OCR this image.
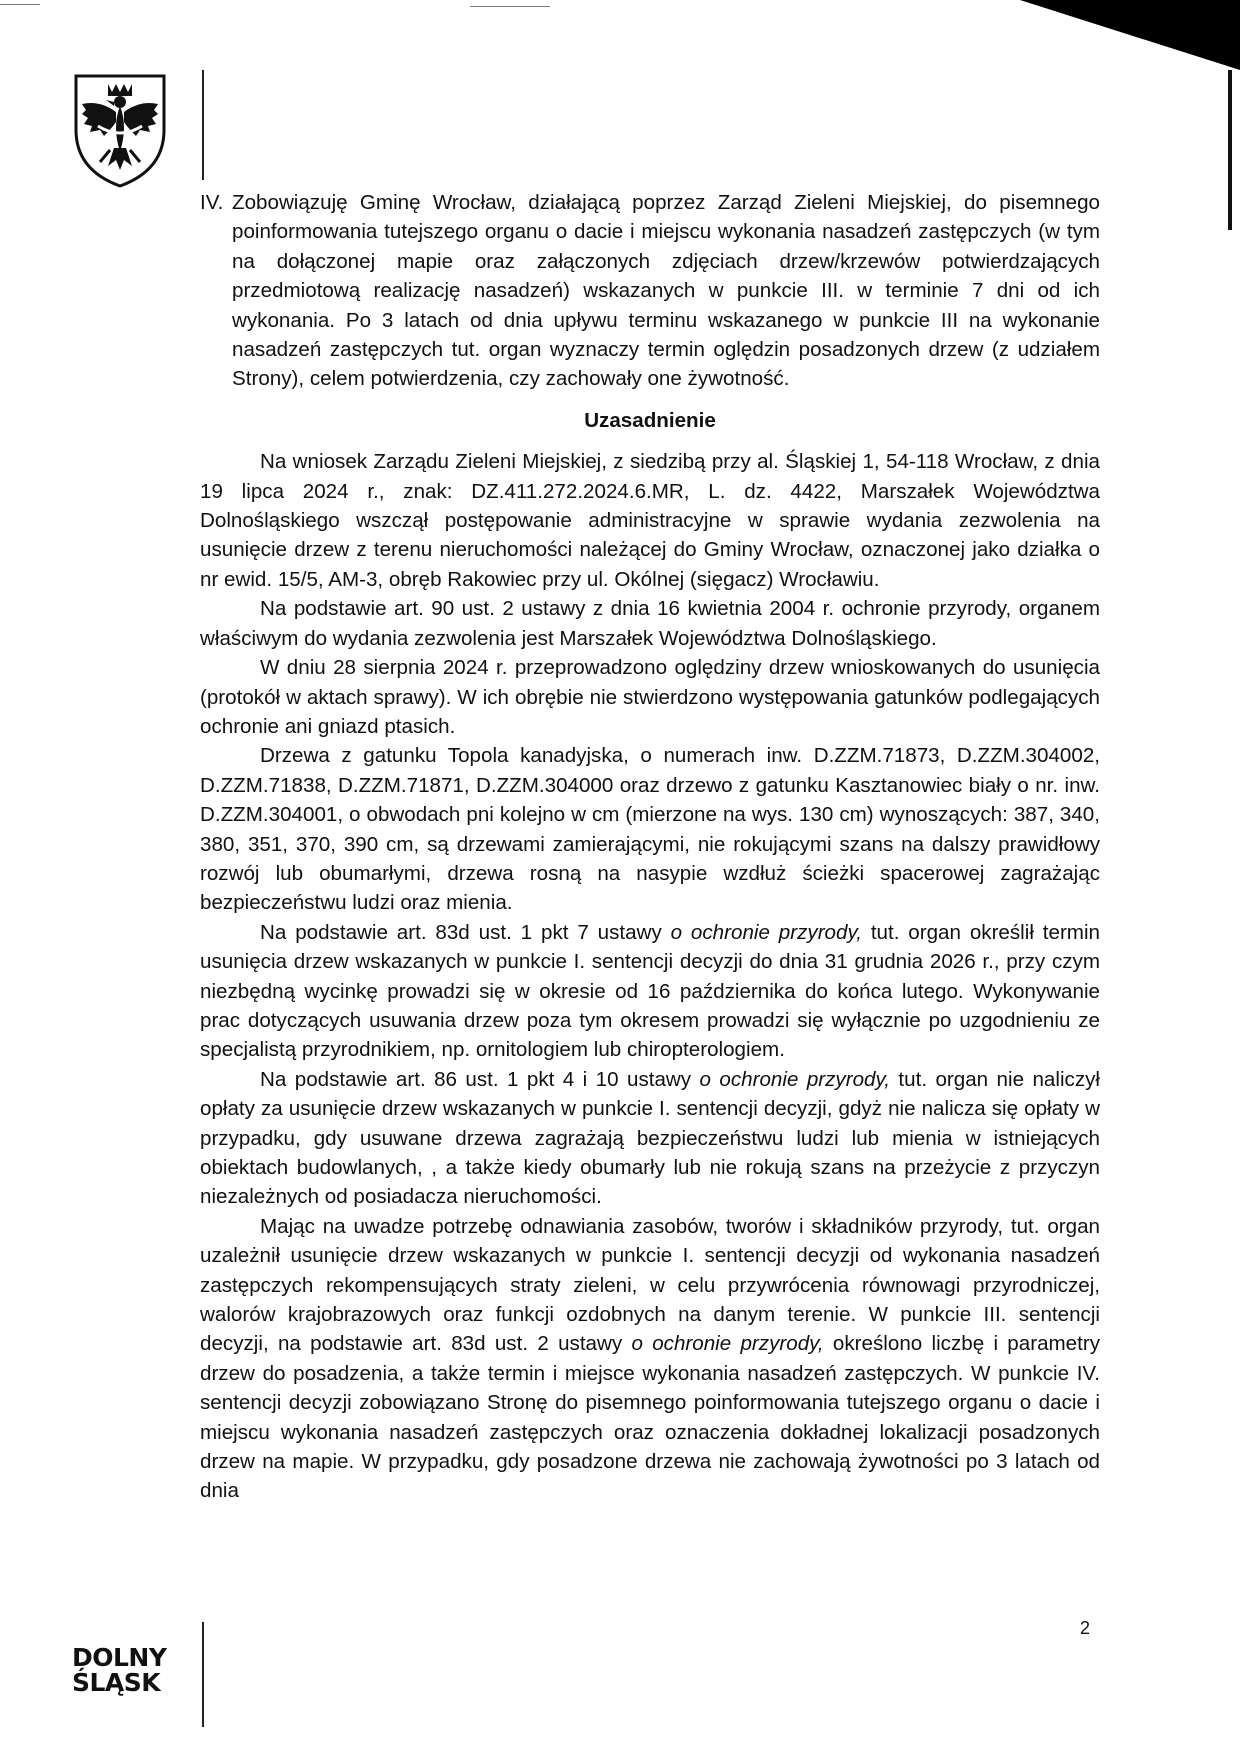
IV. Zobowiązuję Gminę Wrocław, działającą poprzez Zarząd Zieleni Miejskiej, do pisemnego poinformowania tutejszego organu o dacie i miejscu wykonania nasadzeń zastępczych (w tym na dołączonej mapie oraz załączonych zdjęciach drzew/krzewów potwierdzających przedmiotową realizację nasadzeń) wskazanych w punkcie III. w terminie 7 dni od ich wykonania. Po 3 latach od dnia upływu terminu wskazanego w punkcie III na wykonanie nasadzeń zastępczych tut. organ wyznaczy termin oględzin posadzonych drzew (z udziałem Strony), celem potwierdzenia, czy zachowały one żywotność.

Uzasadnienie

Na wniosek Zarządu Zieleni Miejskiej, z siedzibą przy al. Śląskiej 1, 54-118 Wrocław, z dnia 19 lipca 2024 r., znak: DZ.411.272.2024.6.MR, L. dz. 4422, Marszałek Województwa Dolnośląskiego wszczął postępowanie administracyjne w sprawie wydania zezwolenia na usunięcie drzew z terenu nieruchomości należącej do Gminy Wrocław, oznaczonej jako działka o nr ewid. 15/5, AM-3, obręb Rakowiec przy ul. Okólnej (sięgacz) Wrocławiu.

Na podstawie art. 90 ust. 2 ustawy z dnia 16 kwietnia 2004 r. ochronie przyrody, organem właściwym do wydania zezwolenia jest Marszałek Województwa Dolnośląskiego.

W dniu 28 sierpnia 2024 r. przeprowadzono oględziny drzew wnioskowanych do usunięcia (protokół w aktach sprawy). W ich obrębie nie stwierdzono występowania gatunków podlegających ochronie ani gniazd ptasich.

Drzewa z gatunku Topola kanadyjska, o numerach inw. D.ZZM.71873, D.ZZM.304002, D.ZZM.71838, D.ZZM.71871, D.ZZM.304000 oraz drzewo z gatunku Kasztanowiec biały o nr. inw. D.ZZM.304001, o obwodach pni kolejno w cm (mierzone na wys. 130 cm) wynoszących: 387, 340, 380, 351, 370, 390 cm, są drzewami zamierającymi, nie rokującymi szans na dalszy prawidłowy rozwój lub obumarłymi, drzewa rosną na nasypie wzdłuż ścieżki spacerowej zagrażając bezpieczeństwu ludzi oraz mienia.

Na podstawie art. 83d ust. 1 pkt 7 ustawy o ochronie przyrody, tut. organ określił termin usunięcia drzew wskazanych w punkcie I. sentencji decyzji do dnia 31 grudnia 2026 r., przy czym niezbędną wycinkę prowadzi się w okresie od 16 października do końca lutego. Wykonywanie prac dotyczących usuwania drzew poza tym okresem prowadzi się wyłącznie po uzgodnieniu ze specjalistą przyrodnikiem, np. ornitologiem lub chiropterologiem.

Na podstawie art. 86 ust. 1 pkt 4 i 10 ustawy o ochronie przyrody, tut. organ nie naliczył opłaty za usunięcie drzew wskazanych w punkcie I. sentencji decyzji, gdyż nie nalicza się opłaty w przypadku, gdy usuwane drzewa zagrażają bezpieczeństwu ludzi lub mienia w istniejących obiektach budowlanych, , a także kiedy obumarły lub nie rokują szans na przeżycie z przyczyn niezależnych od posiadacza nieruchomości.

Mając na uwadze potrzebę odnawiania zasobów, tworów i składników przyrody, tut. organ uzależnił usunięcie drzew wskazanych w punkcie I. sentencji decyzji od wykonania nasadzeń zastępczych rekompensujących straty zieleni, w celu przywrócenia równowagi przyrodniczej, walorów krajobrazowych oraz funkcji ozdobnych na danym terenie. W punkcie III. sentencji decyzji, na podstawie art. 83d ust. 2 ustawy o ochronie przyrody, określono liczbę i parametry drzew do posadzenia, a także termin i miejsce wykonania nasadzeń zastępczych. W punkcie IV. sentencji decyzji zobowiązano Stronę do pisemnego poinformowania tutejszego organu o dacie i miejscu wykonania nasadzeń zastępczych oraz oznaczenia dokładnej lokalizacji posadzonych drzew na mapie. W przypadku, gdy posadzone drzewa nie zachowają żywotności po 3 latach od dnia

2
DOLNY
ŚLĄSK
